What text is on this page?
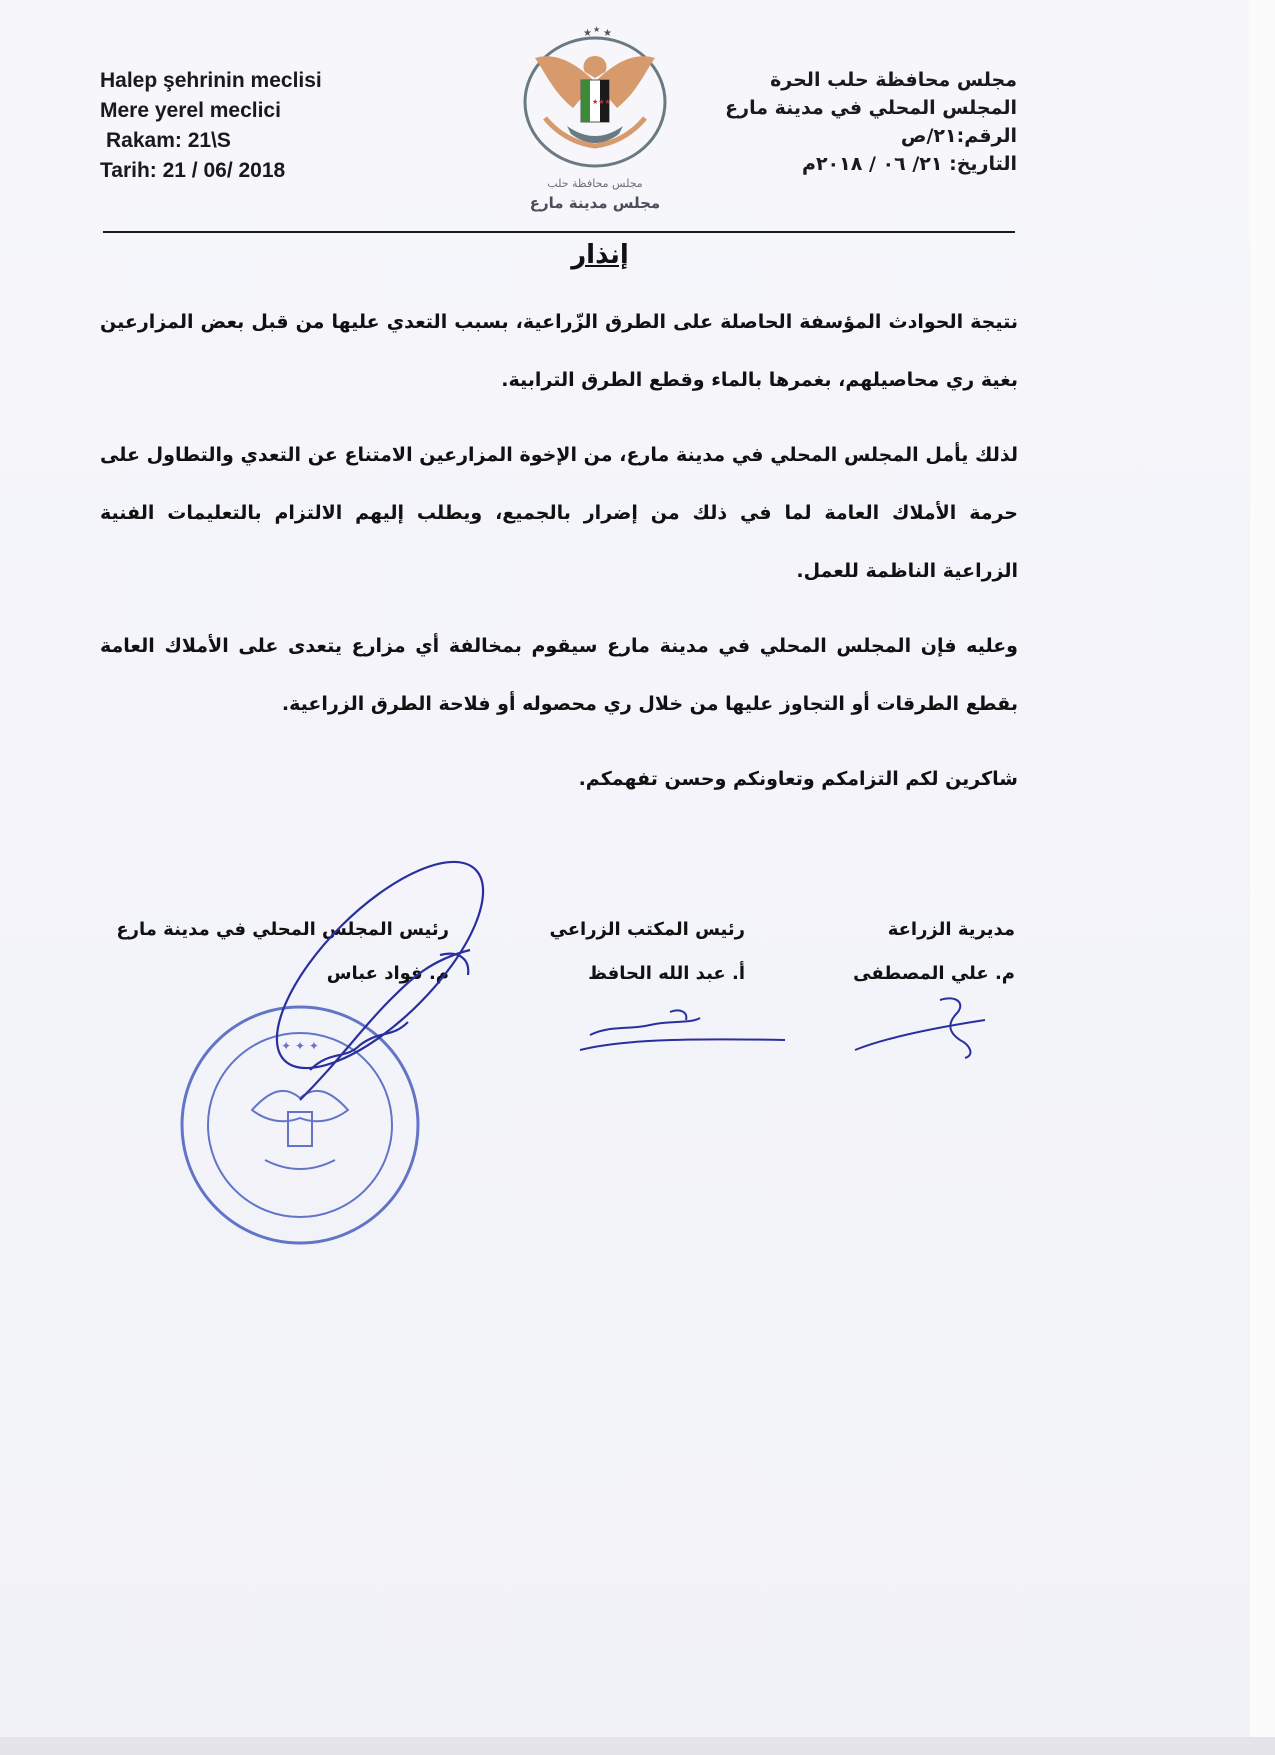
Halep şehrinin meclisi
Mere yerel meclici
Rakam: 21\S
Tarih: 21 / 06/ 2018
مجلس محافظة حلب الحرة
المجلس المحلي في مدينة مارع
الرقم:٢١/ص
التاريخ: ٢١/ ٠٦ / ٢٠١٨م
★ ★ ★
★★★
مجلس محافظة حلب
مجلس مدينة مارع
إنذار

نتيجة الحوادث المؤسفة الحاصلة على الطرق الزّراعية، بسبب التعدي عليها من قبل بعض المزارعين بغية ري محاصيلهم، بغمرها بالماء وقطع الطرق الترابية.

لذلك يأمل المجلس المحلي في مدينة مارع، من الإخوة المزارعين الامتناع عن التعدي والتطاول على حرمة الأملاك العامة لما في ذلك من إضرار بالجميع، ويطلب إليهم الالتزام بالتعليمات الفنية الزراعية الناظمة للعمل.

وعليه فإن المجلس المحلي في مدينة مارع سيقوم بمخالفة أي مزارع يتعدى على الأملاك العامة بقطع الطرقات أو التجاوز عليها من خلال ري محصوله أو فلاحة الطرق الزراعية.

شاكرين لكم التزامكم وتعاونكم وحسن تفهمكم.

مديرية الزراعة
م. علي المصطفى
رئيس المكتب الزراعي
أ. عبد الله الحافظ
رئيس المجلس المحلي في مدينة مارع
م. فواد عباس
✦ ✦ ✦
